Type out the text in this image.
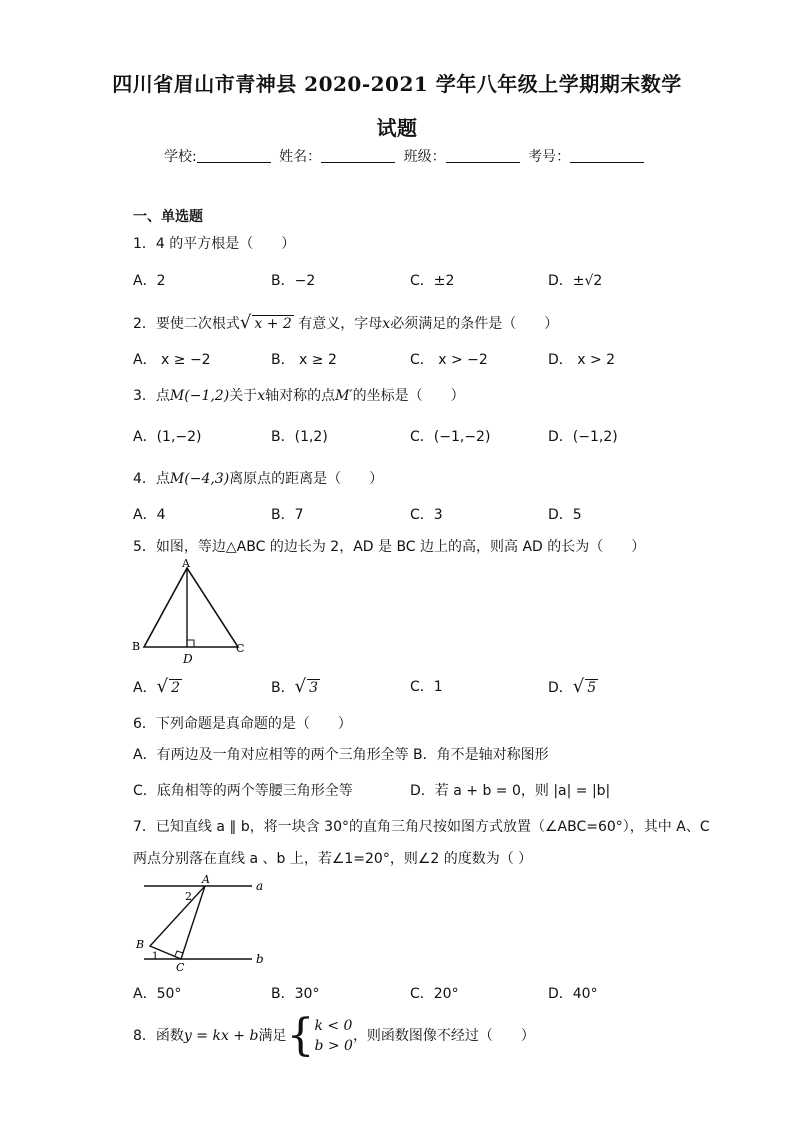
四川省眉山市青神县 2020-2021 学年八年级上学期期末数学
试题
学校:	姓名：	班级：	考号：
一、单选题
1．4 的平方根是（　　）
A．2	B．−2	C．±2	D．±√2
2．要使二次根式√ x + 2 有意义，字母x必须满足的条件是（　　）
A． x ≥ −2	B． x ≥ 2	C． x > −2	D． x > 2
3．点M(−1,2)关于x轴对称的点M′的坐标是（　　）
A．(1,−2)	B．(1,2)	C．(−1,−2)	D．(−1,2)
4．点M(−4,3)离原点的距离是（　　）
A．4	B．7	C．3	D．5
5．如图，等边△ABC 的边长为 2，AD 是 BC 边上的高，则高 AD 的长为（　　）
A
B	C
D
A．√ 2	B．√ 3	C．1	D．√ 5
6．下列命题是真命题的是（　　）
A．有两边及一角对应相等的两个三角形全等 B．角不是轴对称图形
C．底角相等的两个等腰三角形全等	D．若 a + b = 0，则 |a| = |b|
7．已知直线 a ∥ b，将一块含 30°的直角三角尺按如图方式放置（∠ABC=60°），其中 A、C
两点分别落在直线 a 、b 上，若∠1=20°，则∠2 的度数为（ ）
A	a
2
B
1
C
b
A．50°	B．30°	C．20°	D．40°
8．函数y = kx + b满足{k < 0
b > 0，则函数图像不经过（　　）
